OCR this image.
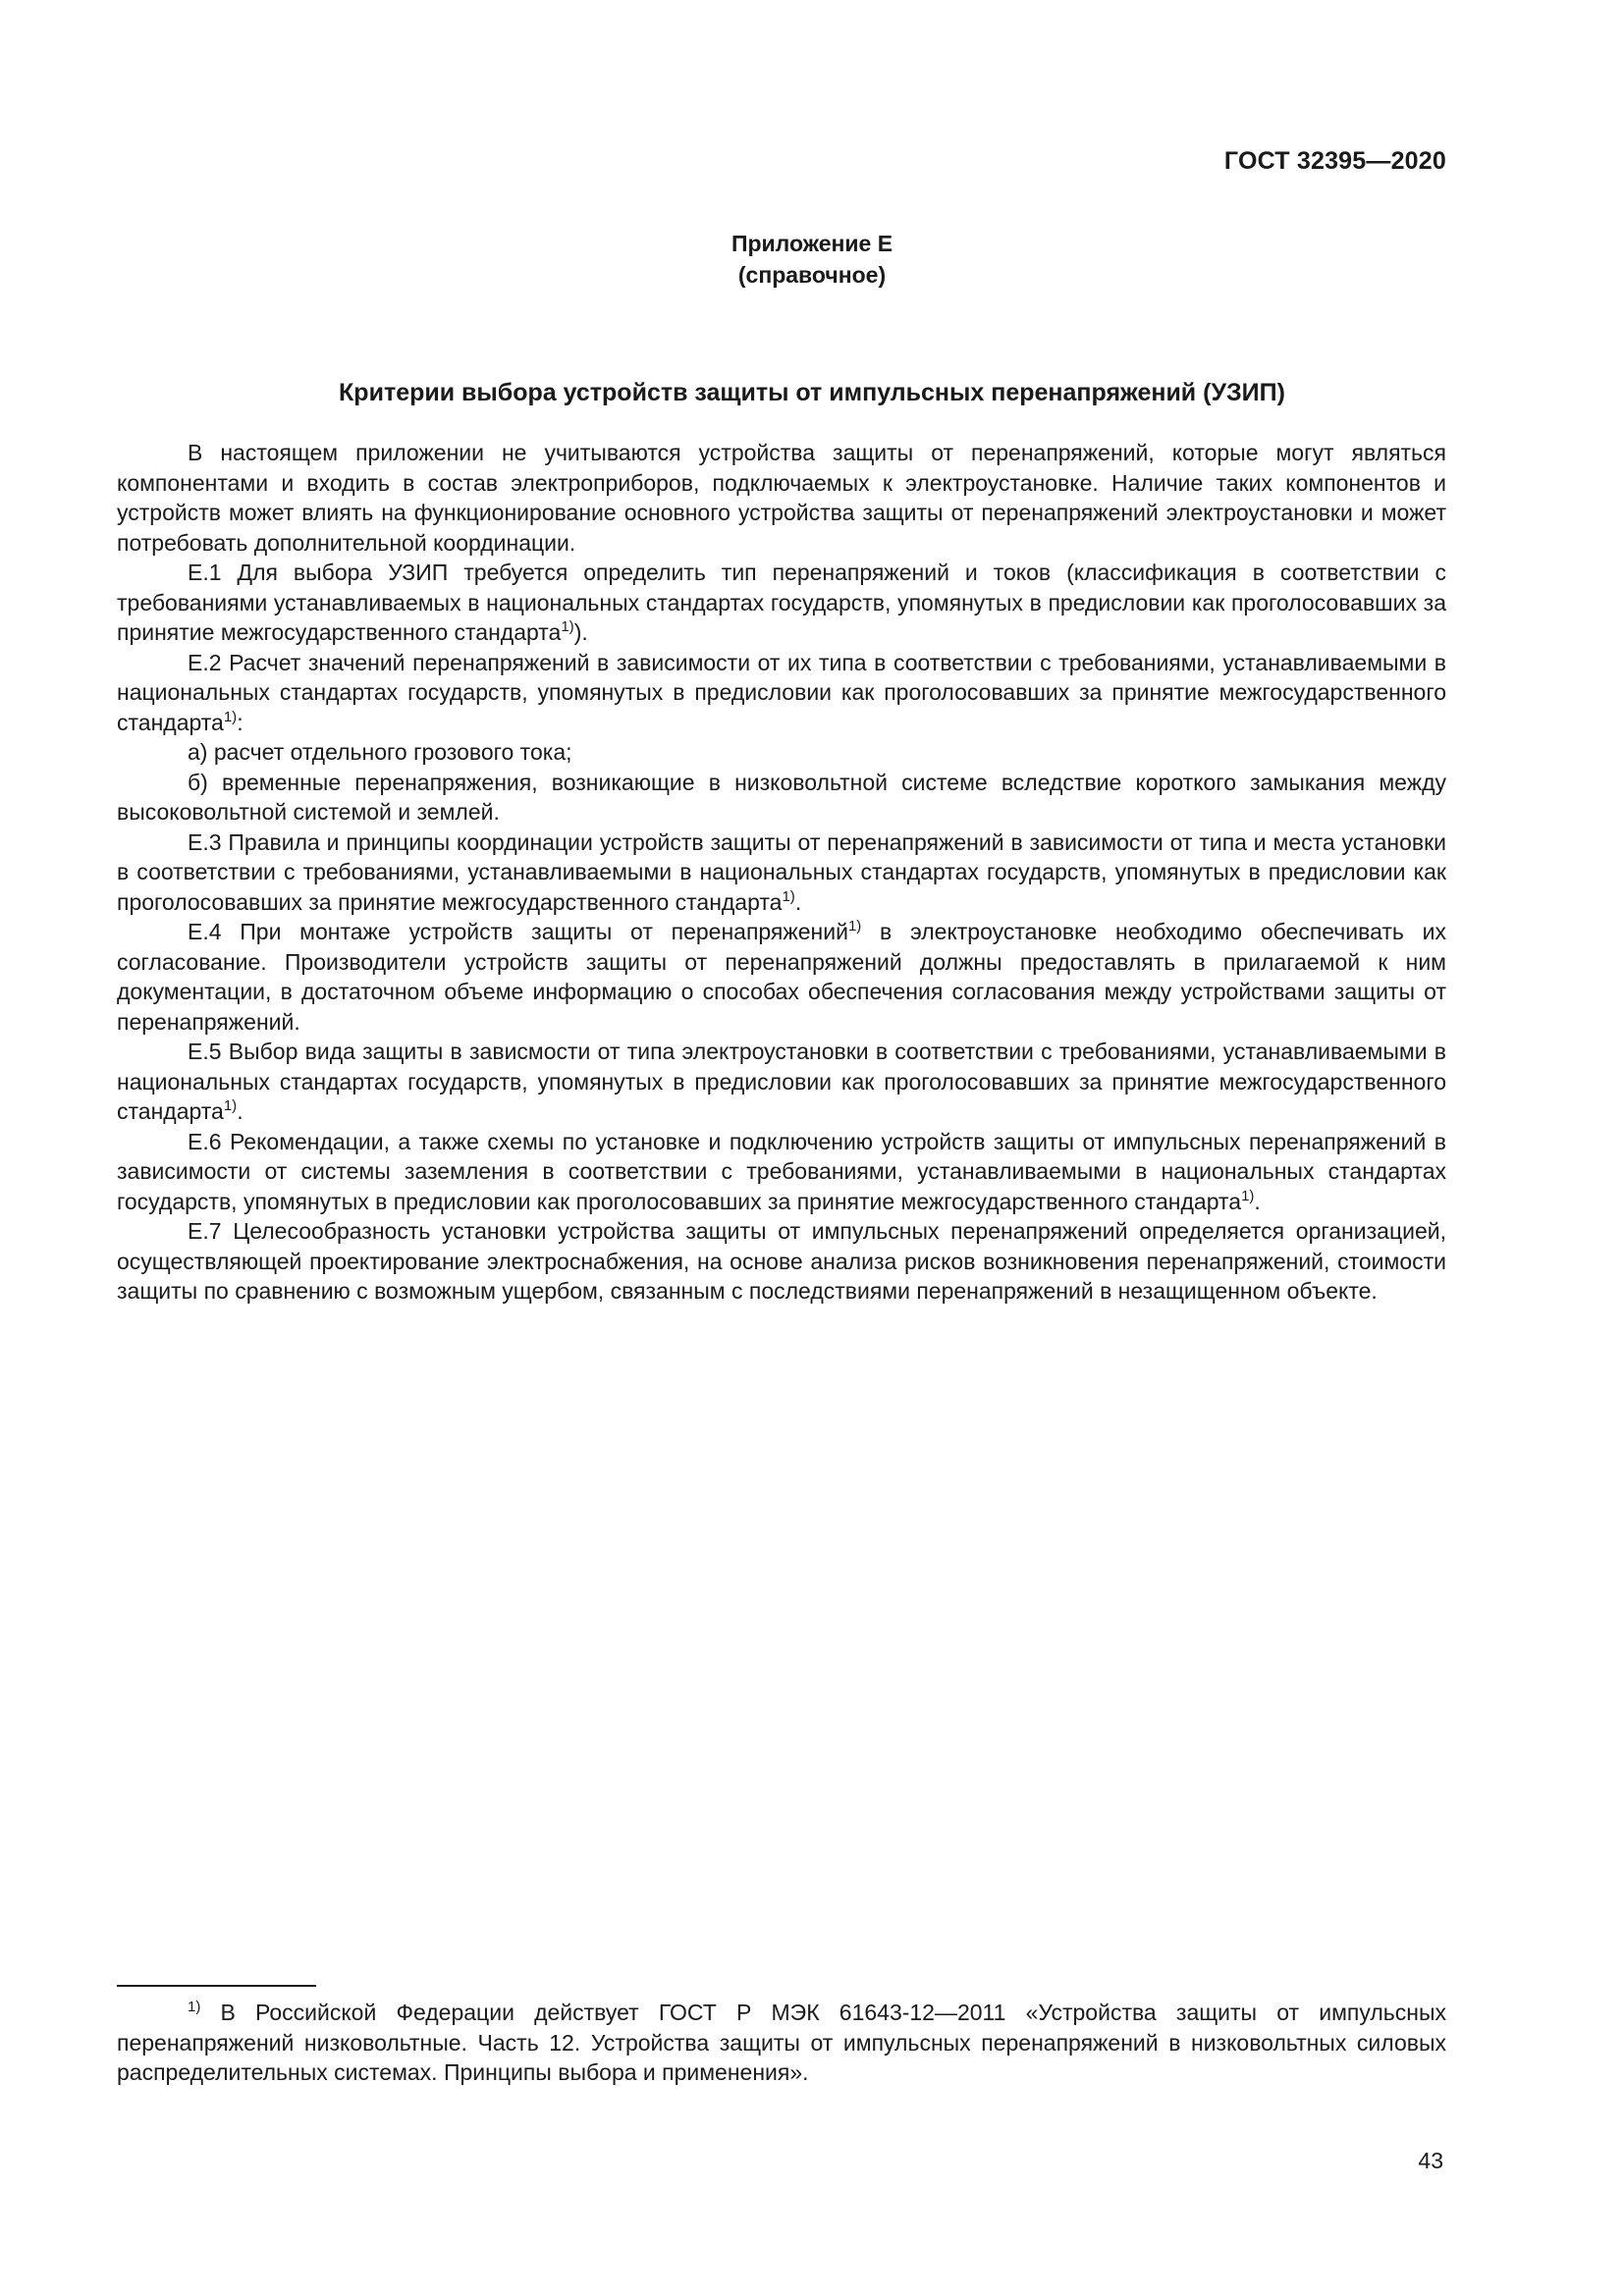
ГОСТ 32395—2020
Приложение Е
(справочное)
Критерии выбора устройств защиты от импульсных перенапряжений (УЗИП)

В настоящем приложении не учитываются устройства защиты от перенапряжений, которые могут являться компонентами и входить в состав электроприборов, подключаемых к электроустановке. Наличие таких компонентов и устройств может влиять на функционирование основного устройства защиты от перенапряжений электроустановки и может потребовать дополнительной координации.

Е.1 Для выбора УЗИП требуется определить тип перенапряжений и токов (классификация в соответствии с требованиями устанавливаемых в национальных стандартах государств, упомянутых в предисловии как проголосовавших за принятие межгосударственного стандарта$^{1)}$).

Е.2 Расчет значений перенапряжений в зависимости от их типа в соответствии с требованиями, устанавливаемыми в национальных стандартах государств, упомянутых в предисловии как проголосовавших за принятие межгосударственного стандарта$^{1)}$:

а) расчет отдельного грозового тока;

б) временные перенапряжения, возникающие в низковольтной системе вследствие короткого замыкания между высоковольтной системой и землей.

Е.3 Правила и принципы координации устройств защиты от перенапряжений в зависимости от типа и места установки в соответствии с требованиями, устанавливаемыми в национальных стандартах государств, упомянутых в предисловии как проголосовавших за принятие межгосударственного стандарта$^{1)}$.

Е.4 При монтаже устройств защиты от перенапряжений$^{1)}$ в электроустановке необходимо обеспечивать их согласование. Производители устройств защиты от перенапряжений должны предоставлять в прилагаемой к ним документации, в достаточном объеме информацию о способах обеспечения согласования между устройствами защиты от перенапряжений.

Е.5 Выбор вида защиты в зависмости от типа электроустановки в соответствии с требованиями, устанавливаемыми в национальных стандартах государств, упомянутых в предисловии как проголосовавших за принятие межгосударственного стандарта$^{1)}$.

Е.6 Рекомендации, а также схемы по установке и подключению устройств защиты от импульсных перенапряжений в зависимости от системы заземления в соответствии с требованиями, устанавливаемыми в национальных стандартах государств, упомянутых в предисловии как проголосовавших за принятие межгосударственного стандарта$^{1)}$.

Е.7 Целесообразность установки устройства защиты от импульсных перенапряжений определяется организацией, осуществляющей проектирование электроснабжения, на основе анализа рисков возникновения перенапряжений, стоимости защиты по сравнению с возможным ущербом, связанным с последствиями перенапряжений в незащищенном объекте.

$^{1)}$ В Российской Федерации действует ГОСТ Р МЭК 61643-12—2011 «Устройства защиты от импульсных перенапряжений низковольтные. Часть 12. Устройства защиты от импульсных перенапряжений в низковольтных силовых распределительных системах. Принципы выбора и применения».

43
